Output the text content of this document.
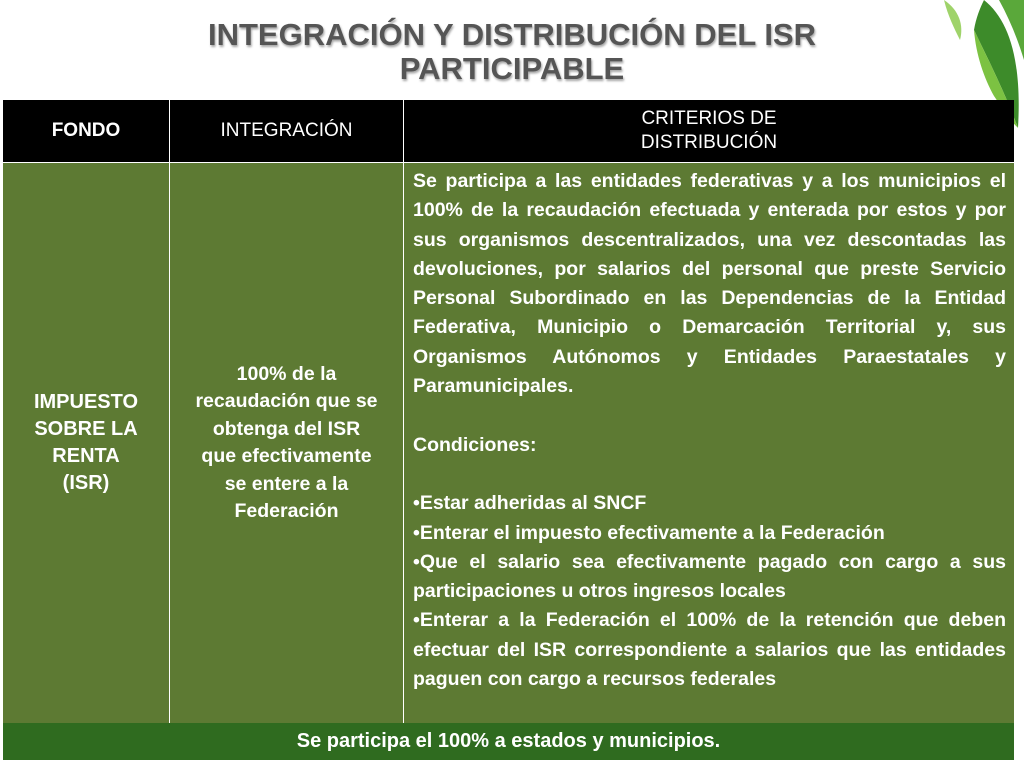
INTEGRACIÓN Y DISTRIBUCIÓN DEL ISR
PARTICIPABLE
FONDO	INTEGRACIÓN
CRITERIOS DE
DISTRIBUCIÓN
IMPUESTO
SOBRE LA
RENTA
(ISR)
100% de la
recaudación que se
obtenga del ISR
que efectivamente
se entere a la
Federación

Se participa a las entidades federativas y a los municipios el 100% de la recaudación efectuada y enterada por estos y por sus organismos descentralizados, una vez descontadas las devoluciones, por salarios del personal que preste Servicio Personal Subordinado en las Dependencias de la Entidad Federativa, Municipio o Demarcación Territorial y, sus Organismos Autónomos y Entidades Paraestatales y Paramunicipales.

Condiciones:

•Estar adheridas al SNCF

•Enterar el impuesto efectivamente a la Federación

•Que el salario sea efectivamente pagado con cargo a sus participaciones u otros ingresos locales

•Enterar a la Federación el 100% de la retención que deben efectuar del ISR correspondiente a salarios que las entidades paguen con cargo a recursos federales

Se participa el 100% a estados y municipios.
